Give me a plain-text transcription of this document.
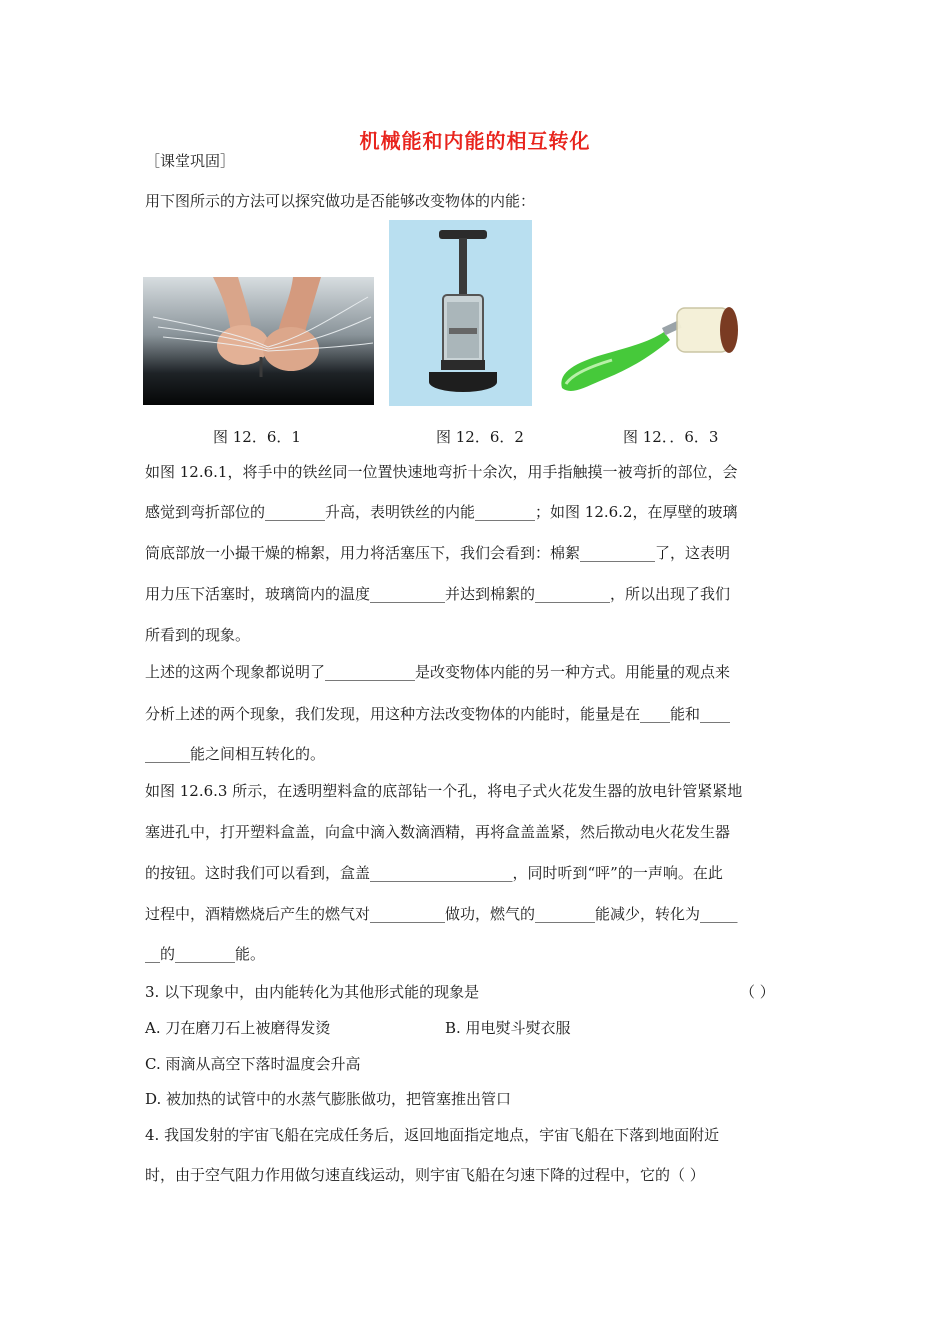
机械能和内能的相互转化
［课堂巩固］
用下图所示的方法可以探究做功是否能够改变物体的内能：
图 12．6．1	图 12．6．2	图 12．．6．3
如图 12.6.1，将手中的铁丝同一位置快速地弯折十余次，用手指触摸一被弯折的部位，会
感觉到弯折部位的________升高，表明铁丝的内能________；如图 12.6.2，在厚壁的玻璃
筒底部放一小撮干燥的棉絮，用力将活塞压下，我们会看到：棉絮__________了，这表明
用力压下活塞时，玻璃筒内的温度__________并达到棉絮的__________，所以出现了我们
所看到的现象。
上述的这两个现象都说明了____________是改变物体内能的另一种方式。用能量的观点来
分析上述的两个现象，我们发现，用这种方法改变物体的内能时，能量是在____能和____
______能之间相互转化的。
如图 12.6.3 所示，在透明塑料盒的底部钻一个孔，将电子式火花发生器的放电针管紧紧地
塞进孔中，打开塑料盒盖，向盒中滴入数滴酒精，再将盒盖盖紧，然后揿动电火花发生器
的按钮。这时我们可以看到，盒盖___________________，同时听到“呯”的一声响。在此
过程中，酒精燃烧后产生的燃气对__________做功，燃气的________能减少，转化为_____
__的________能。
3. 以下现象中，由内能转化为其他形式能的现象是	（ ）
A. 刀在磨刀石上被磨得发烫	B. 用电熨斗熨衣服
C. 雨滴从高空下落时温度会升高
D. 被加热的试管中的水蒸气膨胀做功，把管塞推出管口
4. 我国发射的宇宙飞船在完成任务后，返回地面指定地点，宇宙飞船在下落到地面附近
时，由于空气阻力作用做匀速直线运动，则宇宙飞船在匀速下降的过程中，它的（ ）
